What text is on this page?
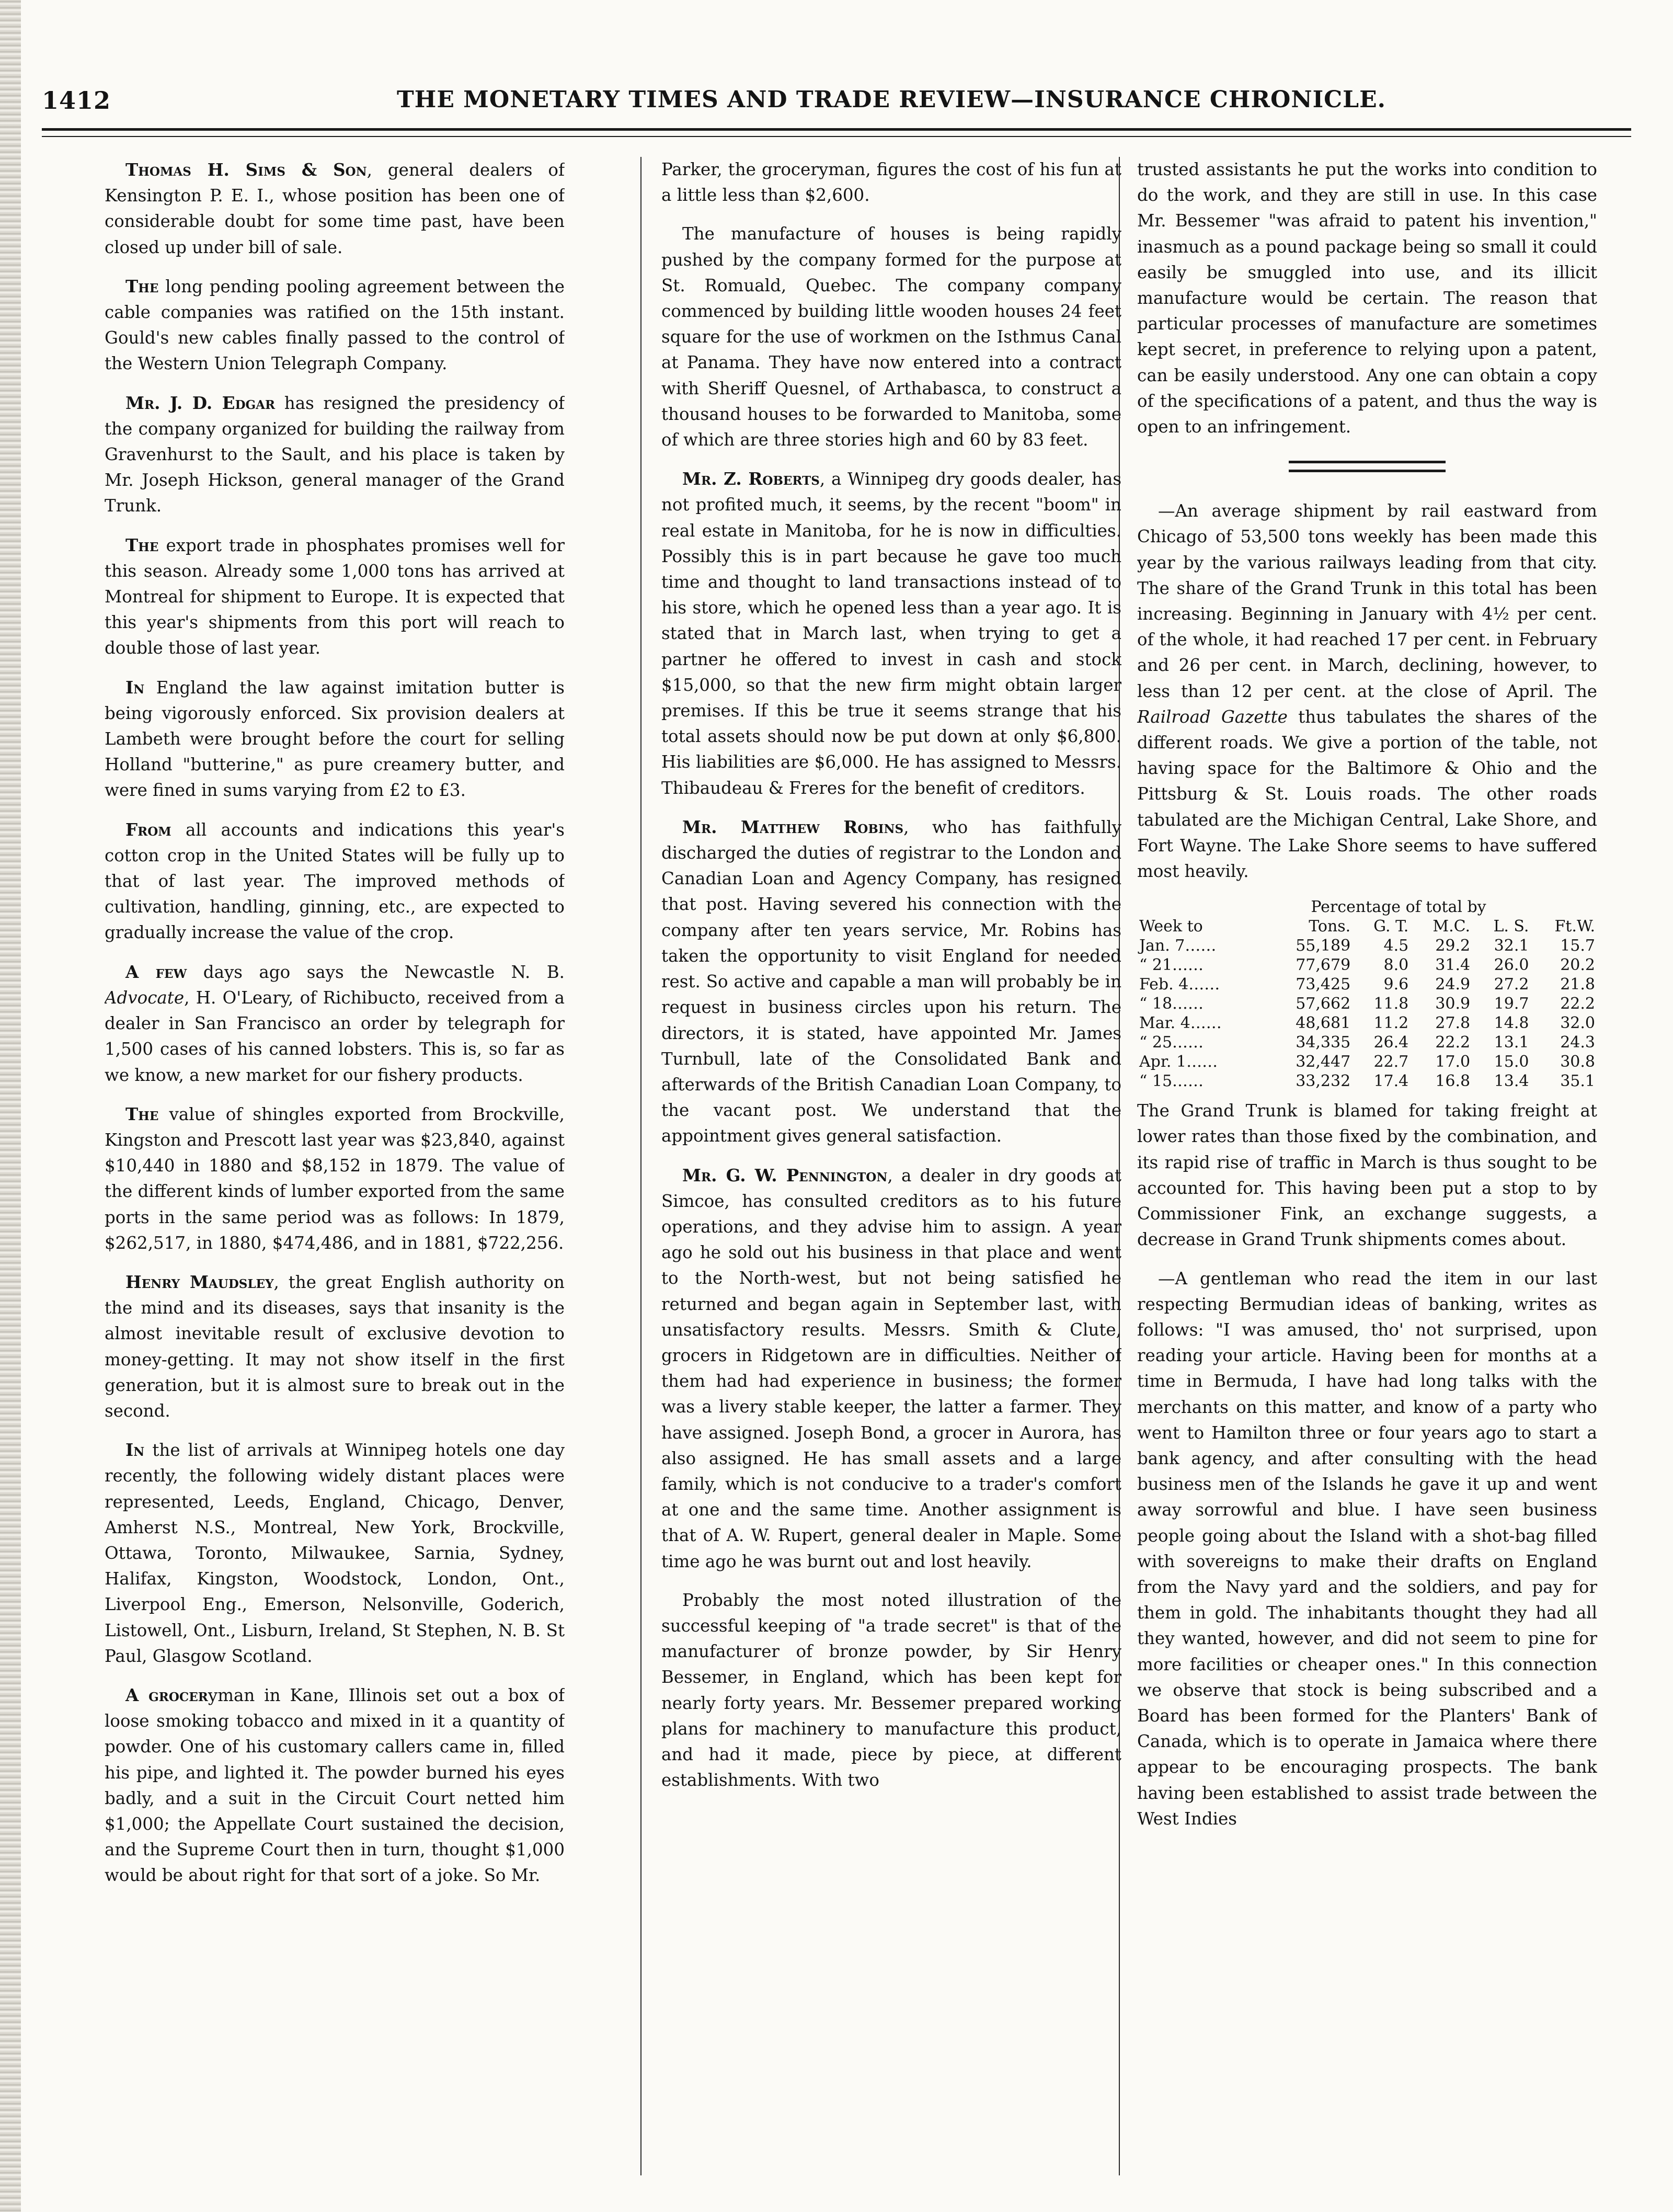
1412	THE MONETARY TIMES AND TRADE REVIEW—INSURANCE CHRONICLE.

Thomas H. Sims & Son, general dealers of Kensington P. E. I., whose position has been one of considerable doubt for some time past, have been closed up under bill of sale.

The long pending pooling agreement between the cable companies was ratified on the 15th instant. Gould's new cables finally passed to the control of the Western Union Telegraph Company.

Mr. J. D. Edgar has resigned the presidency of the company organized for building the railway from Gravenhurst to the Sault, and his place is taken by Mr. Joseph Hickson, general manager of the Grand Trunk.

The export trade in phosphates promises well for this season. Already some 1,000 tons has arrived at Montreal for shipment to Europe. It is expected that this year's shipments from this port will reach to double those of last year.

In England the law against imitation butter is being vigorously enforced. Six provision dealers at Lambeth were brought before the court for selling Holland "butterine," as pure creamery butter, and were fined in sums varying from £2 to £3.

From all accounts and indications this year's cotton crop in the United States will be fully up to that of last year. The improved methods of cultivation, handling, ginning, etc., are expected to gradually increase the value of the crop.

A few days ago says the Newcastle N. B. Advocate, H. O'Leary, of Richibucto, received from a dealer in San Francisco an order by telegraph for 1,500 cases of his canned lobsters. This is, so far as we know, a new market for our fishery products.

The value of shingles exported from Brockville, Kingston and Prescott last year was $23,840, against $10,440 in 1880 and $8,152 in 1879. The value of the different kinds of lumber exported from the same ports in the same period was as follows: In 1879, $262,517, in 1880, $474,486, and in 1881, $722,256.

Henry Maudsley, the great English authority on the mind and its diseases, says that insanity is the almost inevitable result of exclusive devotion to money-getting. It may not show itself in the first generation, but it is almost sure to break out in the second.

In the list of arrivals at Winnipeg hotels one day recently, the following widely distant places were represented, Leeds, England, Chicago, Denver, Amherst N.S., Montreal, New York, Brockville, Ottawa, Toronto, Milwaukee, Sarnia, Sydney, Halifax, Kingston, Woodstock, London, Ont., Liverpool Eng., Emerson, Nelsonville, Goderich, Listowell, Ont., Lisburn, Ireland, St Stephen, N. B. St Paul, Glasgow Scotland.

A groceryman in Kane, Illinois set out a box of loose smoking tobacco and mixed in it a quantity of powder. One of his customary callers came in, filled his pipe, and lighted it. The powder burned his eyes badly, and a suit in the Circuit Court netted him $1,000; the Appellate Court sustained the decision, and the Supreme Court then in turn, thought $1,000 would be about right for that sort of a joke. So Mr.

Parker, the groceryman, figures the cost of his fun at a little less than $2,600.

The manufacture of houses is being rapidly pushed by the company formed for the purpose at St. Romuald, Quebec. The company company commenced by building little wooden houses 24 feet square for the use of workmen on the Isthmus Canal at Panama. They have now entered into a contract with Sheriff Quesnel, of Arthabasca, to construct a thousand houses to be forwarded to Manitoba, some of which are three stories high and 60 by 83 feet.

Mr. Z. Roberts, a Winnipeg dry goods dealer, has not profited much, it seems, by the recent "boom" in real estate in Manitoba, for he is now in difficulties. Possibly this is in part because he gave too much time and thought to land transactions instead of to his store, which he opened less than a year ago. It is stated that in March last, when trying to get a partner he offered to invest in cash and stock $15,000, so that the new firm might obtain larger premises. If this be true it seems strange that his total assets should now be put down at only $6,800. His liabilities are $6,000. He has assigned to Messrs. Thibaudeau & Freres for the benefit of creditors.

Mr. Matthew Robins, who has faithfully discharged the duties of registrar to the London and Canadian Loan and Agency Company, has resigned that post. Having severed his connection with the company after ten years service, Mr. Robins has taken the opportunity to visit England for needed rest. So active and capable a man will probably be in request in business circles upon his return. The directors, it is stated, have appointed Mr. James Turnbull, late of the Consolidated Bank and afterwards of the British Canadian Loan Company, to the vacant post. We understand that the appointment gives general satisfaction.

Mr. G. W. Pennington, a dealer in dry goods at Simcoe, has consulted creditors as to his future operations, and they advise him to assign. A year ago he sold out his business in that place and went to the North-west, but not being satisfied he returned and began again in September last, with unsatisfactory results. Messrs. Smith & Clute, grocers in Ridgetown are in difficulties. Neither of them had had experience in business; the former was a livery stable keeper, the latter a farmer. They have assigned. Joseph Bond, a grocer in Aurora, has also assigned. He has small assets and a large family, which is not conducive to a trader's comfort at one and the same time. Another assignment is that of A. W. Rupert, general dealer in Maple. Some time ago he was burnt out and lost heavily.

Probably the most noted illustration of the successful keeping of "a trade secret" is that of the manufacturer of bronze powder, by Sir Henry Bessemer, in England, which has been kept for nearly forty years. Mr. Bessemer prepared working plans for machinery to manufacture this product, and had it made, piece by piece, at different establishments. With two

trusted assistants he put the works into condition to do the work, and they are still in use. In this case Mr. Bessemer "was afraid to patent his invention," inasmuch as a pound package being so small it could easily be smuggled into use, and its illicit manufacture would be certain. The reason that particular processes of manufacture are sometimes kept secret, in preference to relying upon a patent, can be easily understood. Any one can obtain a copy of the specifications of a patent, and thus the way is open to an infringement.

—An average shipment by rail eastward from Chicago of 53,500 tons weekly has been made this year by the various railways leading from that city. The share of the Grand Trunk in this total has been increasing. Beginning in January with 4½ per cent. of the whole, it had reached 17 per cent. in February and 26 per cent. in March, declining, however, to less than 12 per cent. at the close of April. The Railroad Gazette thus tabulates the shares of the different roads. We give a portion of the table, not having space for the Baltimore & Ohio and the Pittsburg & St. Louis roads. The other roads tabulated are the Michigan Central, Lake Shore, and Fort Wayne. The Lake Shore seems to have suffered most heavily.

Percentage of total by
Week to	Tons.	G. T.	M.C.	L. S.	Ft.W.
Jan. 7……	55,189	4.5	29.2	32.1	15.7
“ 21……	77,679	8.0	31.4	26.0	20.2
Feb. 4……	73,425	9.6	24.9	27.2	21.8
“ 18……	57,662	11.8	30.9	19.7	22.2
Mar. 4……	48,681	11.2	27.8	14.8	32.0
“ 25……	34,335	26.4	22.2	13.1	24.3
Apr. 1……	32,447	22.7	17.0	15.0	30.8
“ 15……	33,232	17.4	16.8	13.4	35.1

The Grand Trunk is blamed for taking freight at lower rates than those fixed by the combination, and its rapid rise of traffic in March is thus sought to be accounted for. This having been put a stop to by Commissioner Fink, an exchange suggests, a decrease in Grand Trunk shipments comes about.

—A gentleman who read the item in our last respecting Bermudian ideas of banking, writes as follows: "I was amused, tho' not surprised, upon reading your article. Having been for months at a time in Bermuda, I have had long talks with the merchants on this matter, and know of a party who went to Hamilton three or four years ago to start a bank agency, and after consulting with the head business men of the Islands he gave it up and went away sorrowful and blue. I have seen business people going about the Island with a shot-bag filled with sovereigns to make their drafts on England from the Navy yard and the soldiers, and pay for them in gold. The inhabitants thought they had all they wanted, however, and did not seem to pine for more facilities or cheaper ones." In this connection we observe that stock is being subscribed and a Board has been formed for the Planters' Bank of Canada, which is to operate in Jamaica where there appear to be encouraging prospects. The bank having been established to assist trade between the West Indies
